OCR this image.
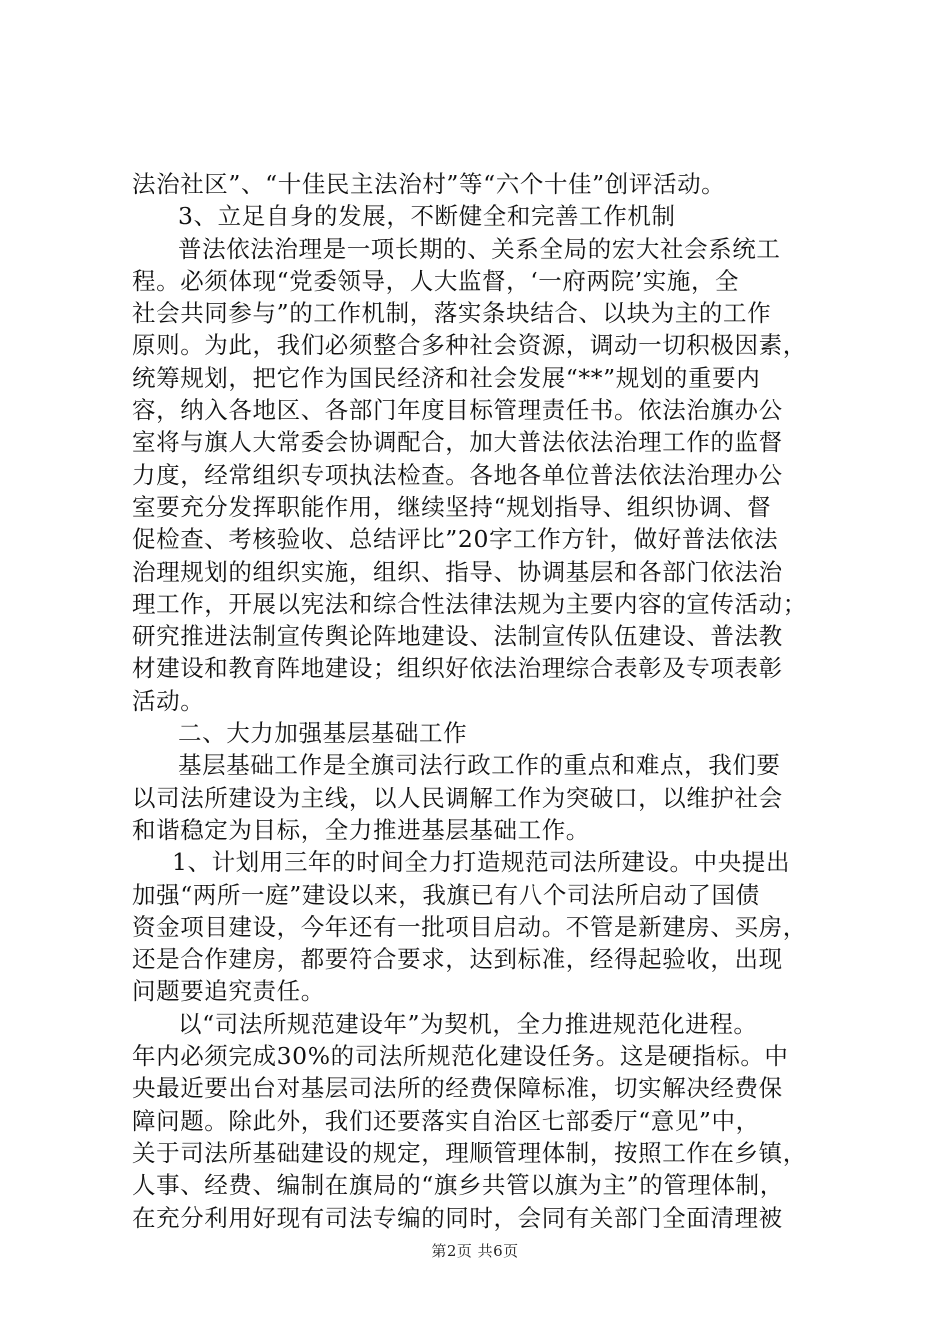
法治社区”、“十佳民主法治村”等“六个十佳”创评活动。
3、立足自身的发展，不断健全和完善工作机制
普法依法治理是一项长期的、关系全局的宏大社会系统工
程。必须体现“党委领导，人大监督，‘一府两院’实施，全
社会共同参与”的工作机制，落实条块结合、以块为主的工作
原则。为此，我们必须整合多种社会资源，调动一切积极因素，
统筹规划，把它作为国民经济和社会发展“**”规划的重要内
容，纳入各地区、各部门年度目标管理责任书。依法治旗办公
室将与旗人大常委会协调配合，加大普法依法治理工作的监督
力度，经常组织专项执法检查。各地各单位普法依法治理办公
室要充分发挥职能作用，继续坚持“规划指导、组织协调、督
促检查、考核验收、总结评比”20字工作方针，做好普法依法
治理规划的组织实施，组织、指导、协调基层和各部门依法治
理工作，开展以宪法和综合性法律法规为主要内容的宣传活动；
研究推进法制宣传舆论阵地建设、法制宣传队伍建设、普法教
材建设和教育阵地建设；组织好依法治理综合表彰及专项表彰
活动。
二、大力加强基层基础工作
基层基础工作是全旗司法行政工作的重点和难点，我们要
以司法所建设为主线，以人民调解工作为突破口，以维护社会
和谐稳定为目标，全力推进基层基础工作。
1、计划用三年的时间全力打造规范司法所建设。中央提出
加强“两所一庭”建设以来，我旗已有八个司法所启动了国债
资金项目建设，今年还有一批项目启动。不管是新建房、买房，
还是合作建房，都要符合要求，达到标准，经得起验收，出现
问题要追究责任。
以“司法所规范建设年”为契机，全力推进规范化进程。
年内必须完成30%的司法所规范化建设任务。这是硬指标。中
央最近要出台对基层司法所的经费保障标准，切实解决经费保
障问题。除此外，我们还要落实自治区七部委厅“意见”中，
关于司法所基础建设的规定，理顺管理体制，按照工作在乡镇，
人事、经费、编制在旗局的“旗乡共管以旗为主”的管理体制，
在充分利用好现有司法专编的同时，会同有关部门全面清理被
第2页 共6页
